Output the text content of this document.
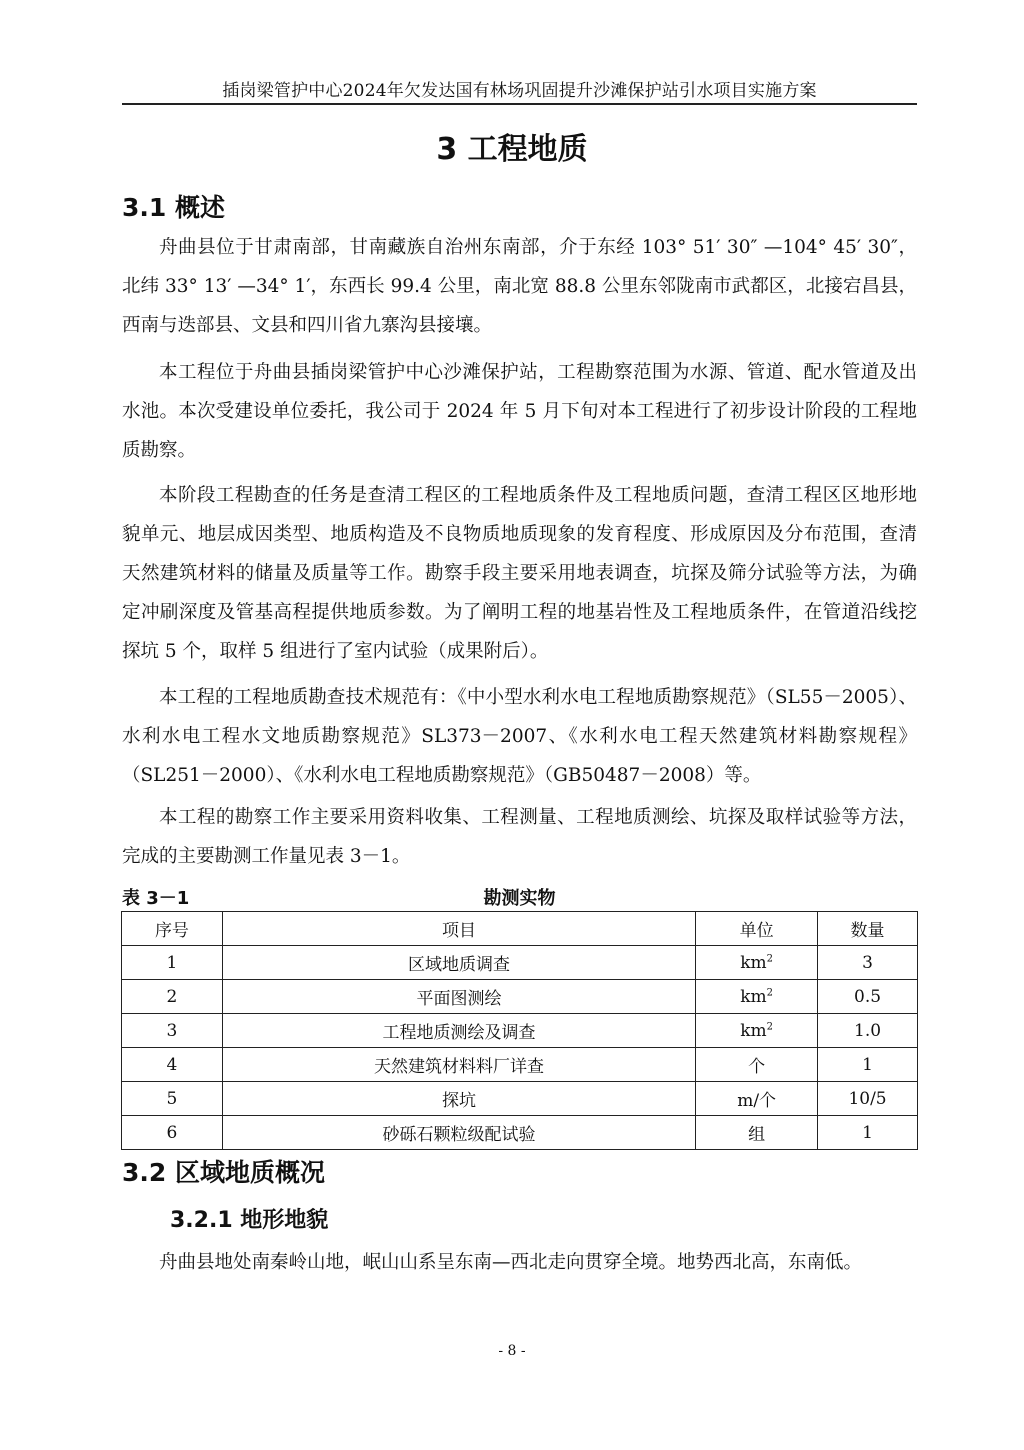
插岗梁管护中心2024年欠发达国有林场巩固提升沙滩保护站引水项目实施方案
3 工程地质
3.1 概述

舟曲县位于甘肃南部，甘南藏族自治州东南部，介于东经 103° 51′ 30″ —104° 45′ 30″，北纬 33° 13′ —34° 1′，东西长 99.4 公里，南北宽 88.8 公里东邻陇南市武都区，北接宕昌县，西南与迭部县、文县和四川省九寨沟县接壤。

本工程位于舟曲县插岗梁管护中心沙滩保护站，工程勘察范围为水源、管道、配水管道及出水池。本次受建设单位委托，我公司于 2024 年 5 月下旬对本工程进行了初步设计阶段的工程地质勘察。

本阶段工程勘查的任务是查清工程区的工程地质条件及工程地质问题，查清工程区区地形地貌单元、地层成因类型、地质构造及不良物质地质现象的发育程度、形成原因及分布范围，查清天然建筑材料的储量及质量等工作。勘察手段主要采用地表调查，坑探及筛分试验等方法，为确定冲刷深度及管基高程提供地质参数。为了阐明工程的地基岩性及工程地质条件，在管道沿线挖探坑 5 个，取样 5 组进行了室内试验（成果附后）。

本工程的工程地质勘查技术规范有：《中小型水利水电工程地质勘察规范》（SL55－2005）、水利水电工程水文地质勘察规范》SL373－2007、《水利水电工程天然建筑材料勘察规程》（SL251－2000）、《水利水电工程地质勘察规范》（GB50487－2008）等。

本工程的勘察工作主要采用资料收集、工程测量、工程地质测绘、坑探及取样试验等方法，完成的主要勘测工作量见表 3－1。

表 3－1	勘测实物
序号	项目	单位	数量
1	区域地质调查	$km^2$	3
2	平面图测绘	$km^2$	0.5
3	工程地质测绘及调查	$km^2$	1.0
4	天然建筑材料料厂详查	个	1
5	探坑	m/个	10/5
6	砂砾石颗粒级配试验	组	1
3.2 区域地质概况
3.2.1 地形地貌

舟曲县地处南秦岭山地，岷山山系呈东南—西北走向贯穿全境。地势西北高，东南低。

- 8 -
